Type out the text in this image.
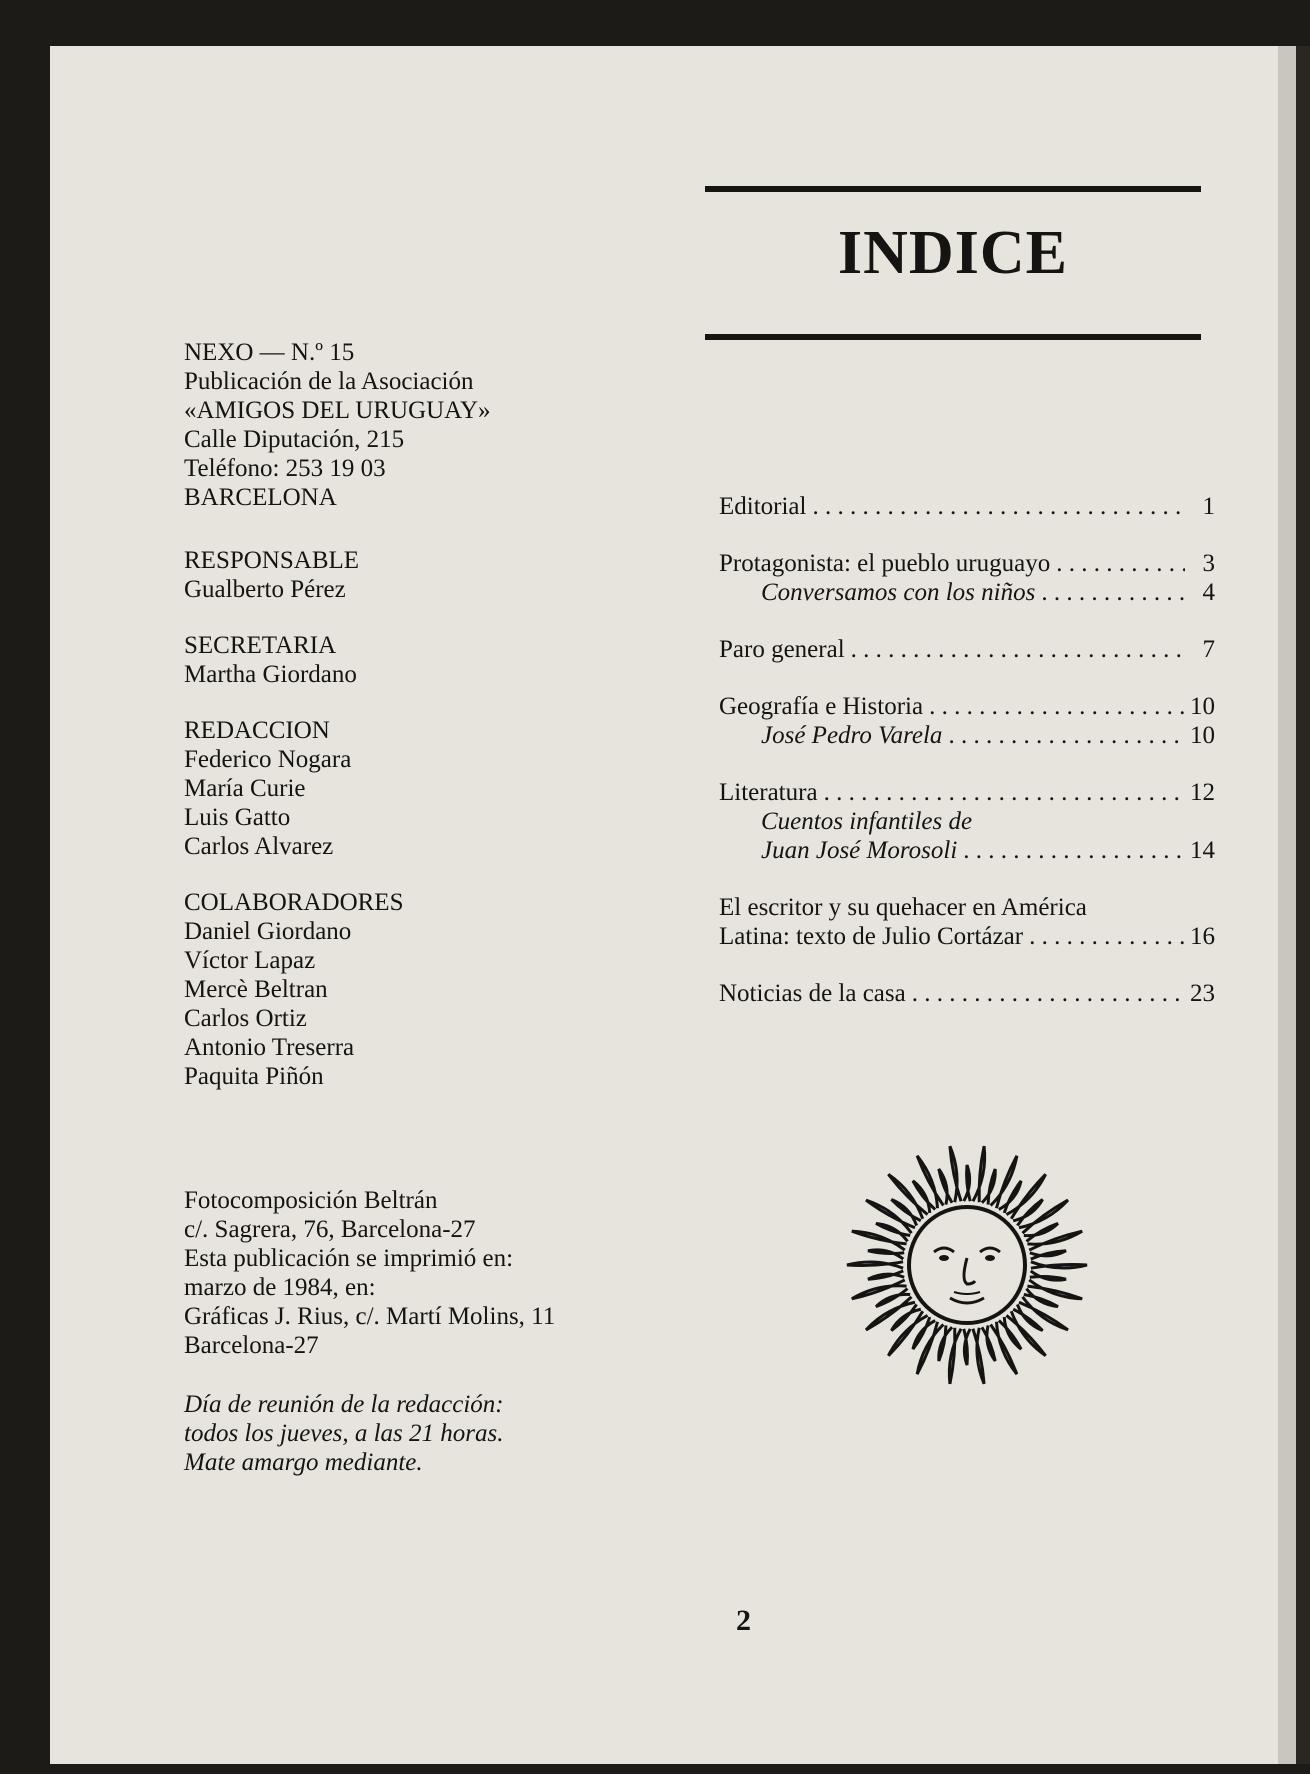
NEXO — N.º 15
Publicación de la Asociación
«AMIGOS DEL URUGUAY»
Calle Diputación, 215
Teléfono: 253 19 03
BARCELONA
RESPONSABLE
Gualberto Pérez
SECRETARIA
Martha Giordano
REDACCION
Federico Nogara
María Curie
Luis Gatto
Carlos Alvarez
COLABORADORES
Daniel Giordano
Víctor Lapaz
Mercè Beltran
Carlos Ortiz
Antonio Treserra
Paquita Piñón
Fotocomposición Beltrán
c/. Sagrera, 76, Barcelona-27
Esta publicación se imprimió en:
marzo de 1984, en:
Gráficas J. Rius, c/. Martí Molins, 11
Barcelona-27
Día de reunión de la redacción:
todos los jueves, a las 21 horas.
Mate amargo mediante.
INDICE
Editorial . . .	1
Protagonista: el pueblo uruguayo . . .	3
Conversamos con los niños . . .	4
Paro general . . .	7
Geografía e Historia . . .	10
José Pedro Varela . . .	10
Literatura . . .	12
Cuentos infantiles de
Juan José Morosoli . . .	14
El escritor y su quehacer en América
Latina: texto de Julio Cortázar . . .	16
Noticias de la casa . . .	23
2
